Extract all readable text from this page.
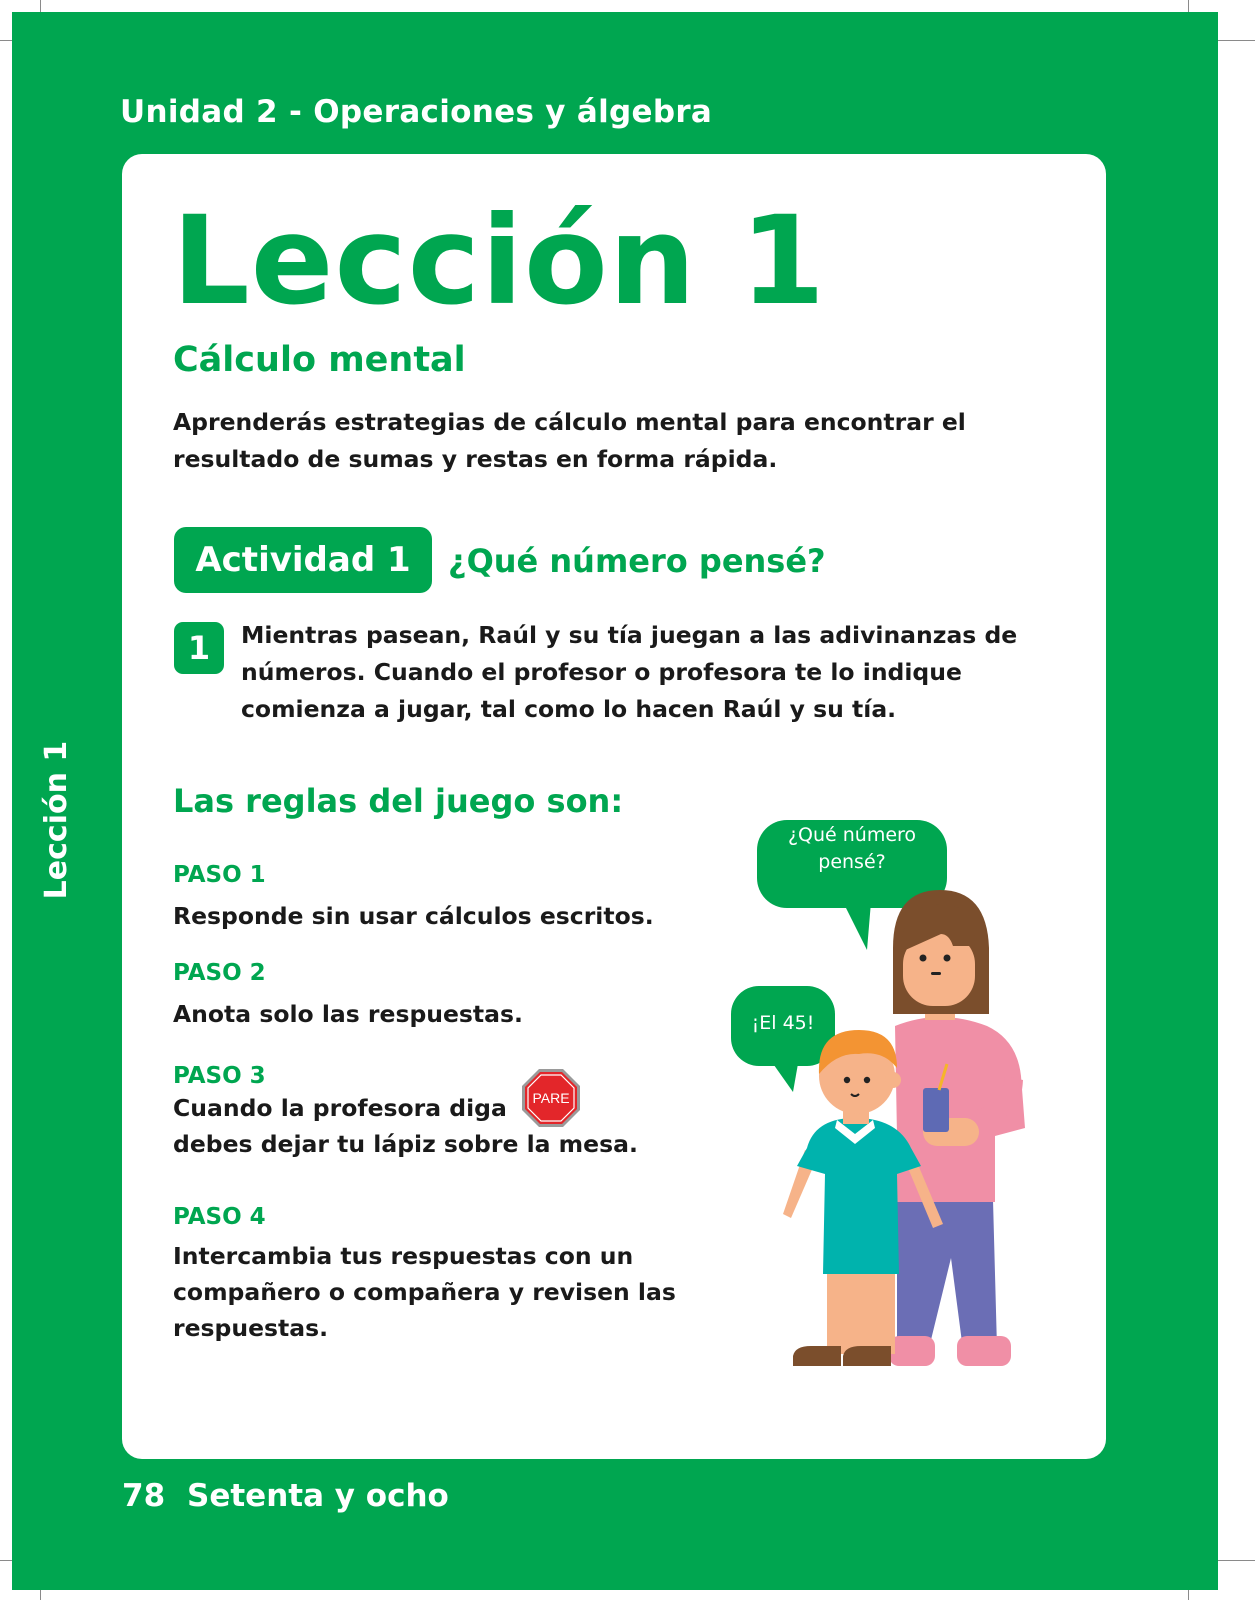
Unidad 2 - Operaciones y álgebra
Lección 1
Lección 1
Cálculo mental
Aprenderás estrategias de cálculo mental para encontrar el resultado de sumas y restas en forma rápida.
Actividad 1	¿Qué número pensé?
1	Mientras pasean, Raúl y su tía juegan a las adivinanzas de números. Cuando el profesor o profesora te lo indique comienza a jugar, tal como lo hacen Raúl y su tía.
Las reglas del juego son:
PASO 1
Responde sin usar cálculos escritos.
PASO 2
Anota solo las respuestas.
PASO 3
Cuando la profesora diga
debes dejar tu lápiz sobre la mesa.
PARE
PASO 4
Intercambia tus respuestas con un compañero o compañera y revisen las respuestas.
¿Qué número pensé?
¡El 45!
78 Setenta y ocho
